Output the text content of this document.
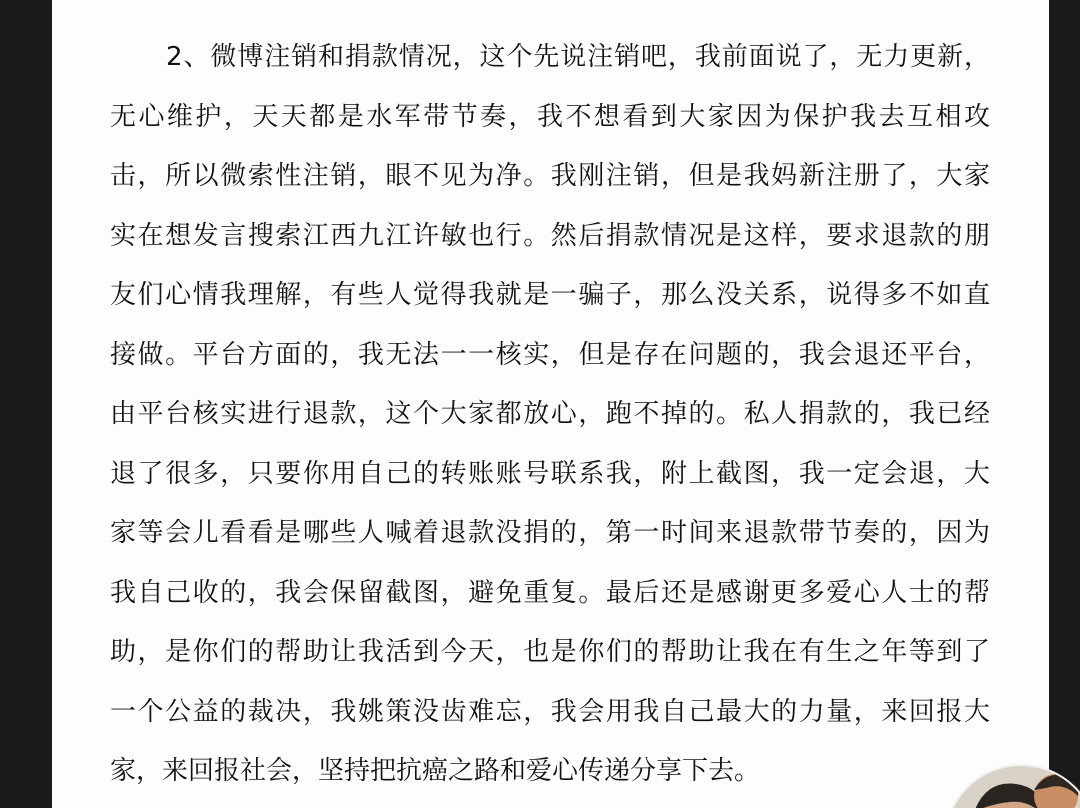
2、微博注销和捐款情况，这个先说注销吧，我前面说了，无力更新，
无心维护，天天都是水军带节奏，我不想看到大家因为保护我去互相攻
击，所以微索性注销，眼不见为净。我刚注销，但是我妈新注册了，大家
实在想发言搜索江西九江许敏也行。然后捐款情况是这样，要求退款的朋
友们心情我理解，有些人觉得我就是一骗子，那么没关系，说得多不如直
接做。平台方面的，我无法一一核实，但是存在问题的，我会退还平台，
由平台核实进行退款，这个大家都放心，跑不掉的。私人捐款的，我已经
退了很多，只要你用自己的转账账号联系我，附上截图，我一定会退，大
家等会儿看看是哪些人喊着退款没捐的，第一时间来退款带节奏的，因为
我自己收的，我会保留截图，避免重复。最后还是感谢更多爱心人士的帮
助，是你们的帮助让我活到今天，也是你们的帮助让我在有生之年等到了
一个公益的裁决，我姚策没齿难忘，我会用我自己最大的力量，来回报大
家，来回报社会，坚持把抗癌之路和爱心传递分享下去。
